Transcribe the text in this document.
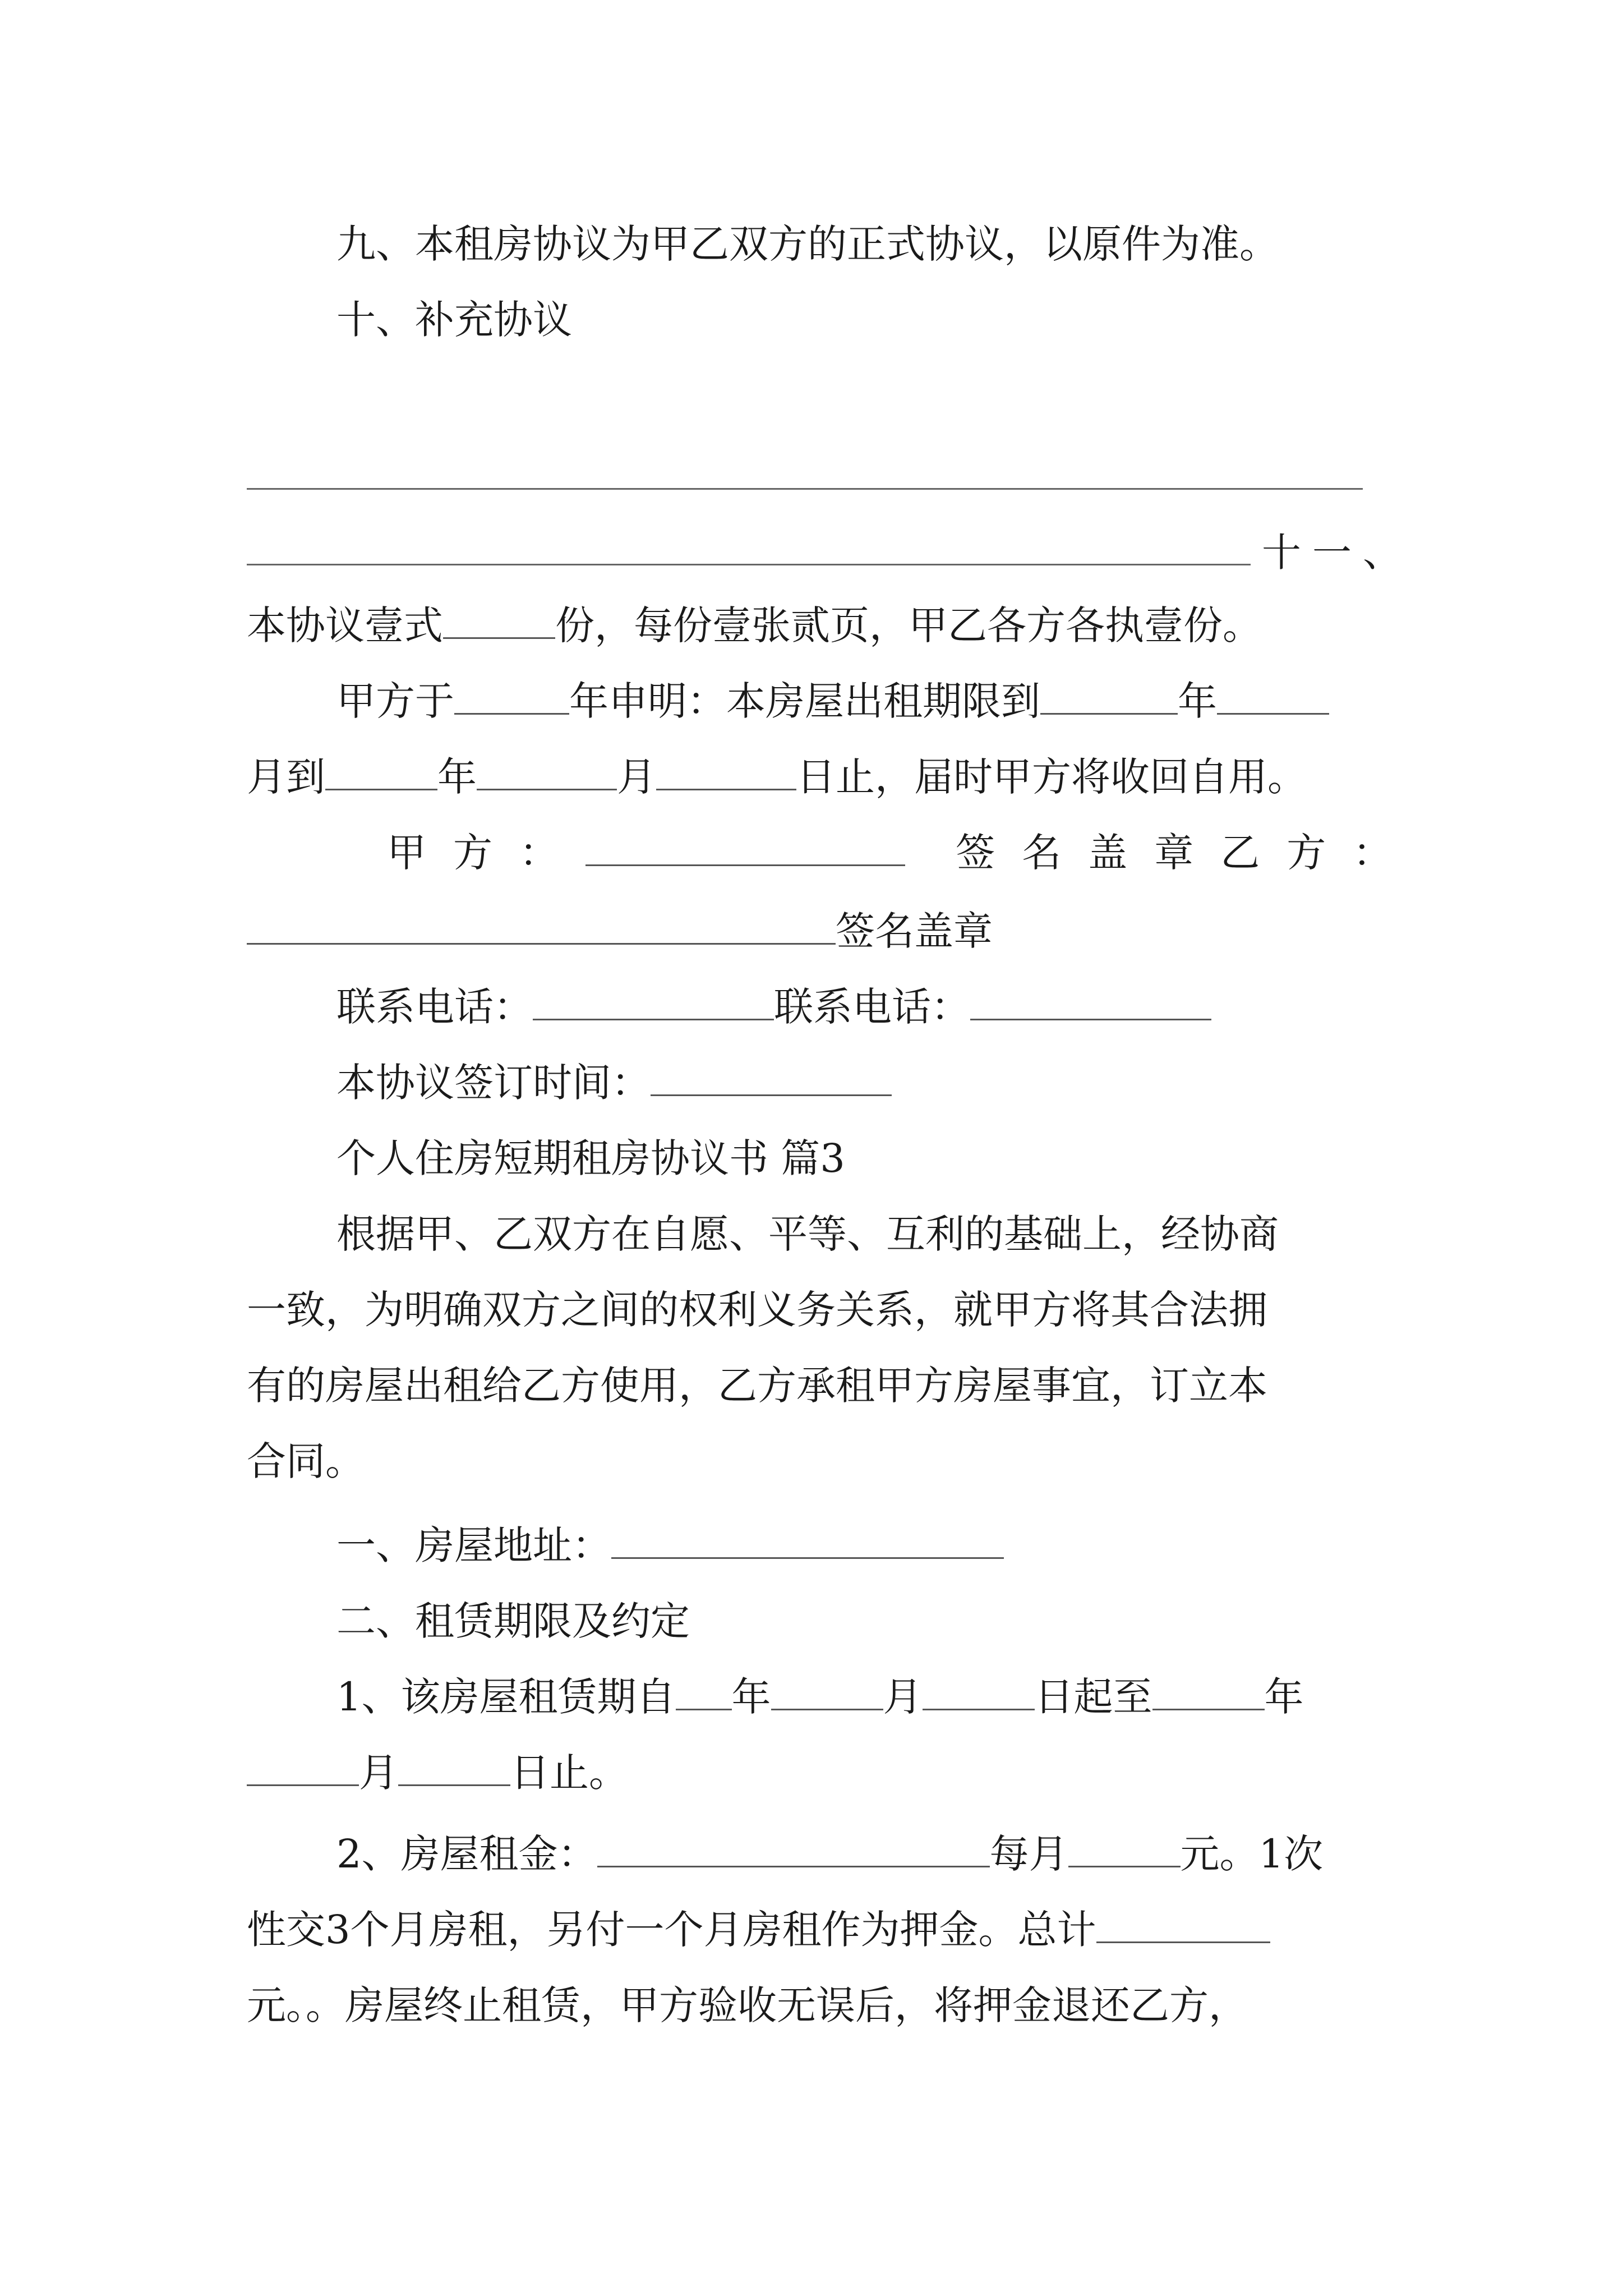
九、本租房协议为甲乙双方的正式协议，以原件为准。
十、补充协议
十一、
本协议壹式	份，每份壹张贰页，甲乙各方各执壹份。
甲方于	年申明：本房屋出租期限到	年
月到	年	月	日止，届时甲方将收回自用。
甲方：	签名盖章乙方：
签名盖章
联系电话：	联系电话：
本协议签订时间：
个人住房短期租房协议书 篇3
根据甲、乙双方在自愿、平等、互利的基础上，经协商
一致，为明确双方之间的权利义务关系，就甲方将其合法拥
有的房屋出租给乙方使用，乙方承租甲方房屋事宜，订立本
合同。
一、房屋地址：
二、租赁期限及约定
1、该房屋租赁期自 年	月	日起至	年
月	日止。
2、房屋租金：	每月	元。1次
性交3个月房租，另付一个月房租作为押金。总计
元。。房屋终止租赁，甲方验收无误后，将押金退还乙方，
